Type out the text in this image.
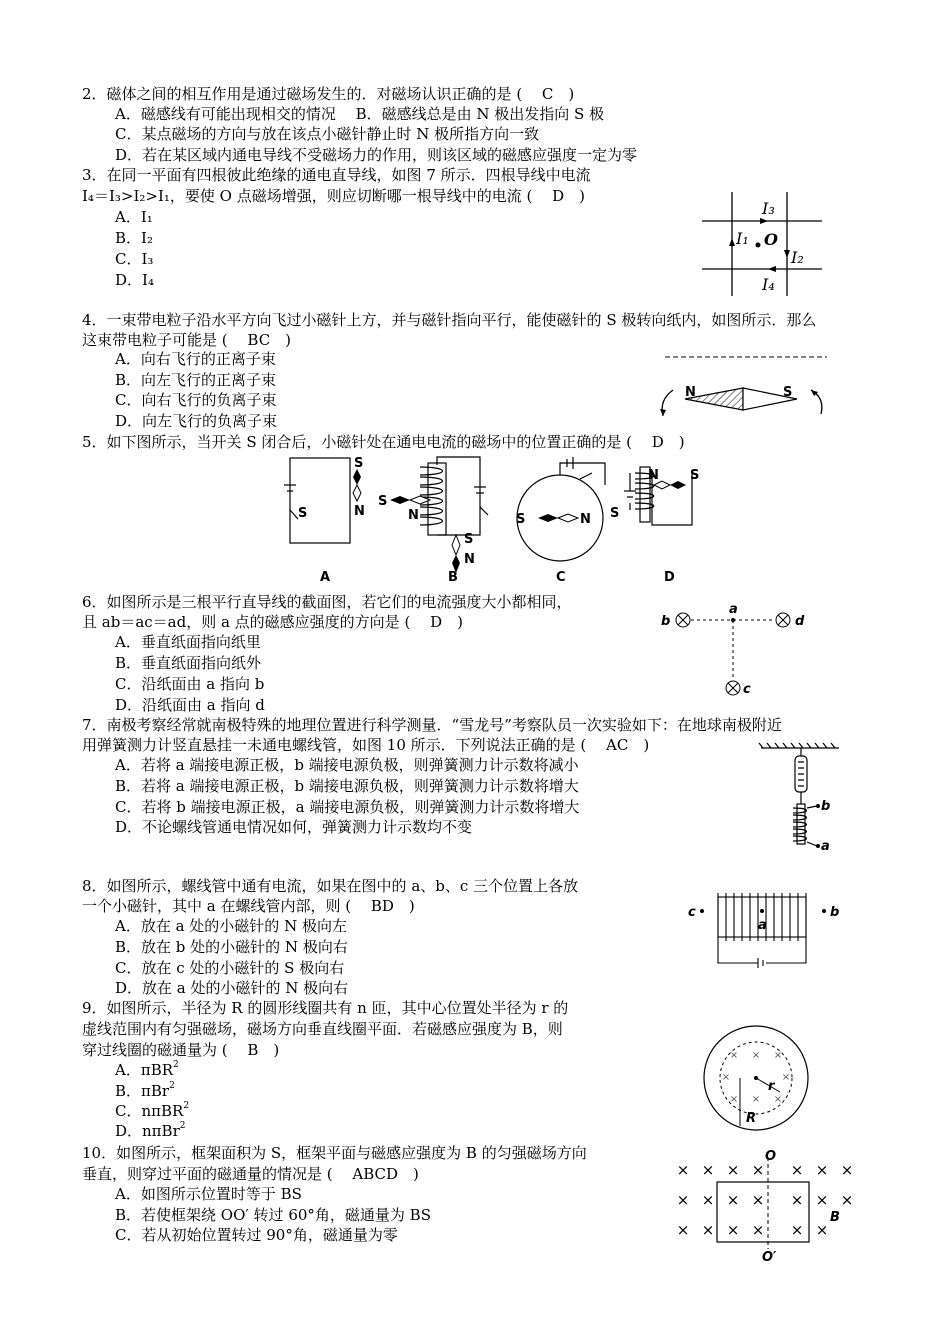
2．磁体之间的相互作用是通过磁场发生的．对磁场认识正确的是 (　 C　)
A．磁感线有可能出现相交的情况　 B．磁感线总是由 N 极出发指向 S 极
C．某点磁场的方向与放在该点小磁针静止时 N 极所指方向一致
D．若在某区域内通电导线不受磁场力的作用，则该区域的磁感应强度一定为零
3．在同一平面有四根彼此绝缘的通电直导线，如图 7 所示．四根导线中电流
I₄＝I₃>I₂>I₁，要使 O 点磁场增强，则应切断哪一根导线中的电流 (　 D　)
A．I₁
B．I₂
C．I₃
D．I₄
I₃
I₁ O
I₂
I₄
4．一束带电粒子沿水平方向飞过小磁针上方，并与磁针指向平行，能使磁针的 S 极转向纸内，如图所示．那么
这束带电粒子可能是 (　 BC　)
A．向右飞行的正离子束
B．向左飞行的正离子束
C．向右飞行的负离子束
D．向左飞行的负离子束
N	S
5．如下图所示，当开关 S 闭合后，小磁针处在通电电流的磁场中的位置正确的是 (　 D　)
S
S
N
S
N
S
N
S	N
N S
S
A	B	C	D
6．如图所示是三根平行直导线的截面图，若它们的电流强度大小都相同，
且 ab＝ac＝ad，则 a 点的磁感应强度的方向是 (　 D　)
A．垂直纸面指向纸里
B．垂直纸面指向纸外
C．沿纸面由 a 指向 b
D．沿纸面由 a 指向 d
a
b	d
c
7．南极考察经常就南极特殊的地理位置进行科学测量．“雪龙号”考察队员一次实验如下：在地球南极附近
用弹簧测力计竖直悬挂一未通电螺线管，如图 10 所示．下列说法正确的是 (　 AC　)
A．若将 a 端接电源正极，b 端接电源负极，则弹簧测力计示数将减小
B．若将 a 端接电源正极，b 端接电源负极，则弹簧测力计示数将增大
C．若将 b 端接电源正极，a 端接电源负极，则弹簧测力计示数将增大
D．不论螺线管通电情况如何，弹簧测力计示数均不变
b
a
8．如图所示，螺线管中通有电流，如果在图中的 a、b、c 三个位置上各放
一个小磁针，其中 a 在螺线管内部，则 (　 BD　)
A．放在 a 处的小磁针的 N 极向左
B．放在 b 处的小磁针的 N 极向右
C．放在 c 处的小磁针的 S 极向右
D．放在 a 处的小磁针的 N 极向右
c
a
b
9．如图所示，半径为 R 的圆形线圈共有 n 匝，其中心位置处半径为 r 的
虚线范围内有匀强磁场，磁场方向垂直线圈平面．若磁感应强度为 B，则
穿过线圈的磁通量为 (　 B　)
A．πBR$^2$
B．πBr$^2$
C．nπBR$^2$
D．nπBr$^2$
× × ×
×	×
× × ×
r
R
10．如图所示，框架面积为 S，框架平面与磁感应强度为 B 的匀强磁场方向
垂直，则穿过平面的磁通量的情况是 (　 ABCD　)
A．如图所示位置时等于 BS
B．若使框架绕 OO′ 转过 60°角，磁通量为 BS
C．若从初始位置转过 90°角，磁通量为零
× × × × × × ×
× × × × × × ×
× × × × × ×
O
O′
B
